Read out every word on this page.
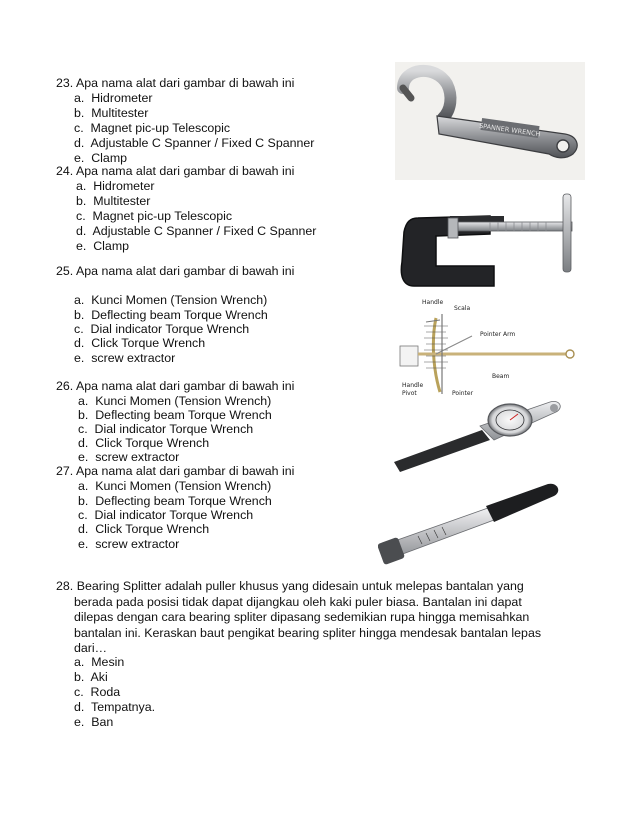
23. Apa nama alat dari gambar di bawah ini
a. Hidrometer
b. Multitester
c. Magnet pic-up Telescopic
d. Adjustable C Spanner / Fixed C Spanner
e. Clamp
24. Apa nama alat dari gambar di bawah ini
a. Hidrometer
b. Multitester
c. Magnet pic-up Telescopic
d. Adjustable C Spanner / Fixed C Spanner
e. Clamp
25. Apa nama alat dari gambar di bawah ini
a. Kunci Momen (Tension Wrench)
b. Deflecting beam Torque Wrench
c. Dial indicator Torque Wrench
d. Click Torque Wrench
e. screw extractor
26. Apa nama alat dari gambar di bawah ini
a. Kunci Momen (Tension Wrench)
b. Deflecting beam Torque Wrench
c. Dial indicator Torque Wrench
d. Click Torque Wrench
e. screw extractor
27. Apa nama alat dari gambar di bawah ini
a. Kunci Momen (Tension Wrench)
b. Deflecting beam Torque Wrench
c. Dial indicator Torque Wrench
d. Click Torque Wrench
e. screw extractor
28. Bearing Splitter adalah puller khusus yang didesain untuk melepas bantalan yang
berada pada posisi tidak dapat dijangkau oleh kaki puler biasa. Bantalan ini dapat
dilepas dengan cara bearing spliter dipasang sedemikian rupa hingga memisahkan
bantalan ini. Keraskan baut pengikat bearing spliter hingga mendesak bantalan lepas
dari…
a. Mesin
b. Aki
c. Roda
d. Tempatnya.
e. Ban
SPANNER WRENCH
Handle
Scala
Pointer Arm
Beam
Handle
Pivot	Pointer
